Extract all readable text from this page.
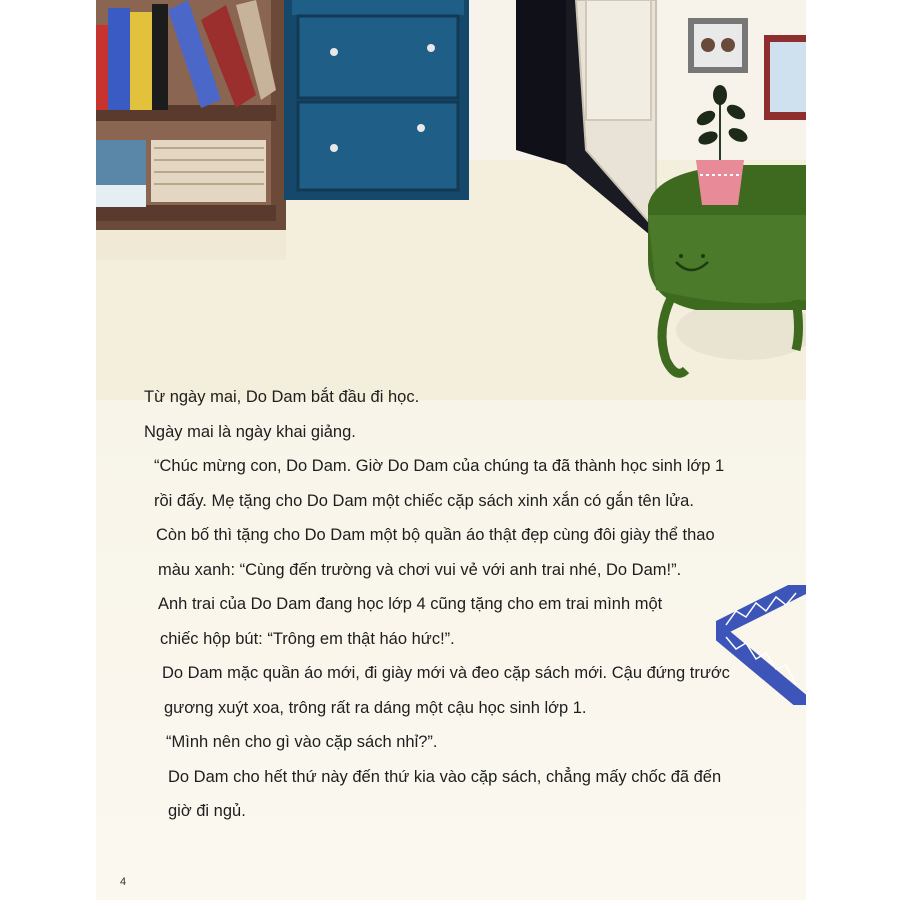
Từ ngày mai, Do Dam bắt đầu đi học.

Ngày mai là ngày khai giảng.

“Chúc mừng con, Do Dam. Giờ Do Dam của chúng ta đã thành học sinh lớp 1

rồi đấy. Mẹ tặng cho Do Dam một chiếc cặp sách xinh xắn có gắn tên lửa.

Còn bố thì tặng cho Do Dam một bộ quần áo thật đẹp cùng đôi giày thể thao

màu xanh: “Cùng đến trường và chơi vui vẻ với anh trai nhé, Do Dam!”.

Anh trai của Do Dam đang học lớp 4 cũng tặng cho em trai mình một

chiếc hộp bút: “Trông em thật háo hức!”.

Do Dam mặc quần áo mới, đi giày mới và đeo cặp sách mới. Cậu đứng trước

gương xuýt xoa, trông rất ra dáng một cậu học sinh lớp 1.

“Mình nên cho gì vào cặp sách nhỉ?”.

Do Dam cho hết thứ này đến thứ kia vào cặp sách, chẳng mấy chốc đã đến

giờ đi ngủ.

4
